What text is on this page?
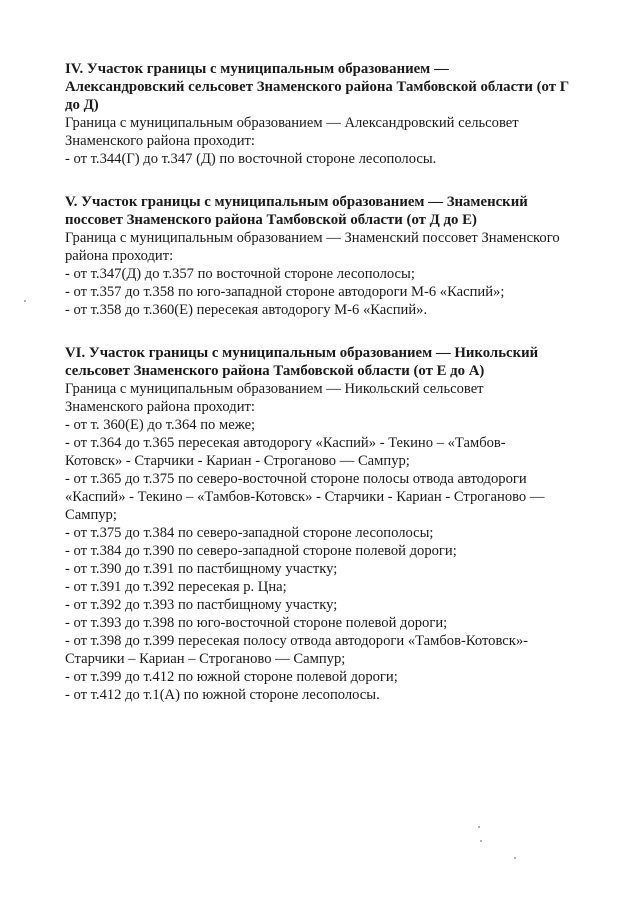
IV. Участок границы с муниципальным образованием —
Александровский сельсовет Знаменского района Тамбовской области (от Г
до Д)

Граница с муниципальным образованием — Александровский сельсовет
Знаменского района проходит:
- от т.344(Г) до т.347 (Д) по восточной стороне лесополосы.

V. Участок границы с муниципальным образованием — Знаменский
поссовет Знаменского района Тамбовской области (от Д до Е)

Граница с муниципальным образованием — Знаменский поссовет Знаменского
района проходит:
- от т.347(Д) до т.357 по восточной стороне лесополосы;
- от т.357 до т.358 по юго-западной стороне автодороги М-6 «Каспий»;
- от т.358 до т.360(Е) пересекая автодорогу М-6 «Каспий».

VI. Участок границы с муниципальным образованием — Никольский
сельсовет Знаменского района Тамбовской области (от Е до А)

Граница с муниципальным образованием — Никольский сельсовет
Знаменского района проходит:
- от т. 360(Е) до т.364 по меже;
- от т.364 до т.365 пересекая автодорогу «Каспий» - Текино – «Тамбов-
Котовск» - Старчики - Кариан - Строганово — Сампур;
- от т.365 до т.375 по северо-восточной стороне полосы отвода автодороги
«Каспий» - Текино – «Тамбов-Котовск» - Старчики - Кариан - Строганово —
Сампур;
- от т.375 до т.384 по северо-западной стороне лесополосы;
- от т.384 до т.390 по северо-западной стороне полевой дороги;
- от т.390 до т.391 по пастбищному участку;
- от т.391 до т.392 пересекая р. Цна;
- от т.392 до т.393 по пастбищному участку;
- от т.393 до т.398 по юго-восточной стороне полевой дороги;
- от т.398 до т.399 пересекая полосу отвода автодороги «Тамбов-Котовск»-
Старчики – Кариан – Строганово — Сампур;
- от т.399 до т.412 по южной стороне полевой дороги;
- от т.412 до т.1(А) по южной стороне лесополосы.
